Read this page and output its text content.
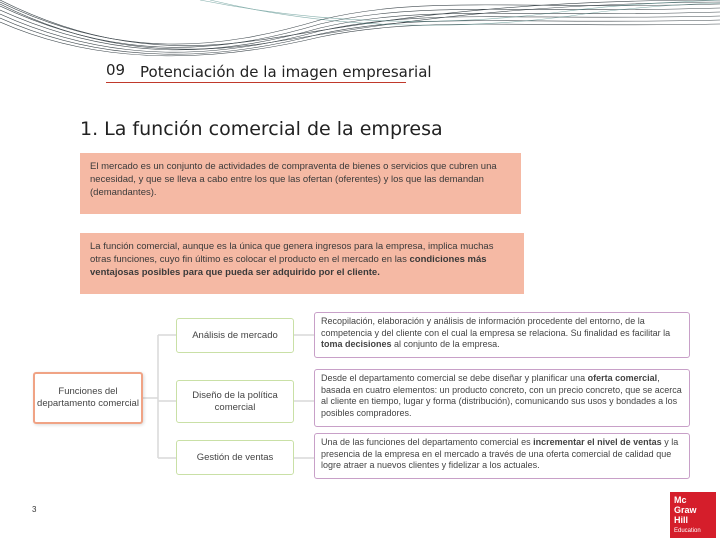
09 Potenciación de la imagen empresarial
1. La función comercial de la empresa
El mercado es un conjunto de actividades de compraventa de bienes o servicios que cubren una necesidad, y que se lleva a cabo entre los que las ofertan (oferentes) y los que las demandan (demandantes).
La función comercial, aunque es la única que genera ingresos para la empresa, implica muchas otras funciones, cuyo fin último es colocar el producto en el mercado en las condiciones más ventajosas posibles para que pueda ser adquirido por el cliente.
Funciones del departamento comercial
Análisis de mercado
Diseño de la política comercial
Gestión de ventas
Recopilación, elaboración y análisis de información procedente del entorno, de la competencia y del cliente con el cual la empresa se relaciona. Su finalidad es facilitar la toma decisiones al conjunto de la empresa.
Desde el departamento comercial se debe diseñar y planificar una oferta comercial, basada en cuatro elementos: un producto concreto, con un precio concreto, que se acerca al cliente en tiempo, lugar y forma (distribución), comunicando sus usos y bondades a los posibles compradores.
Una de las funciones del departamento comercial es incrementar el nivel de ventas y la presencia de la empresa en el mercado a través de una oferta comercial de calidad que logre atraer a nuevos clientes y fidelizar a los actuales.
3
Mc
Graw
Hill
Education
